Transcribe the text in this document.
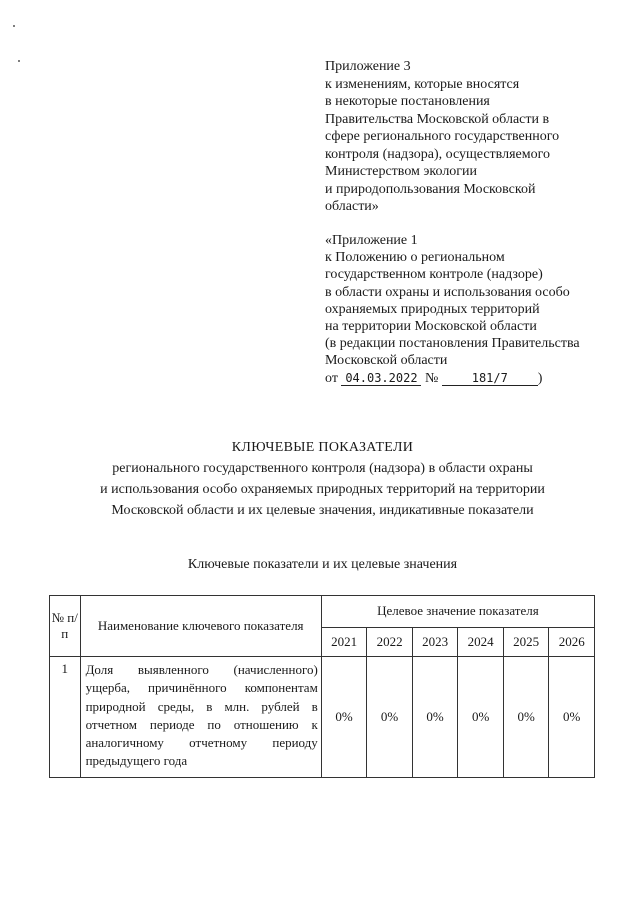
Приложение 3
к изменениям, которые вносятся
в некоторые постановления
Правительства Московской области в
сфере регионального государственного
контроля (надзора), осуществляемого
Министерством экологии
и природопользования Московской
области»
«Приложение 1
к Положению о региональном
государственном контроле (надзоре)
в области охраны и использования особо
охраняемых природных территорий
на территории Московской области
(в редакции постановления Правительства
Московской области
от 04.03.2022 №	181/7 )
КЛЮЧЕВЫЕ ПОКАЗАТЕЛИ
регионального государственного контроля (надзора) в области охраны
и использования особо охраняемых природных территорий на территории
Московской области и их целевые значения, индикативные показатели
Ключевые показатели и их целевые значения
№ п/п	Наименование ключевого показателя	Целевое значение показателя					
		2021	2022	2023	2024	2025	2026
1	Доля выявленного (начисленного) ущерба, причинённого компонентам природной среды, в млн. рублей в отчетном периоде по отношению к аналогичному отчетному периоду предыдущего года	0%	0%	0%	0%	0%	0%
